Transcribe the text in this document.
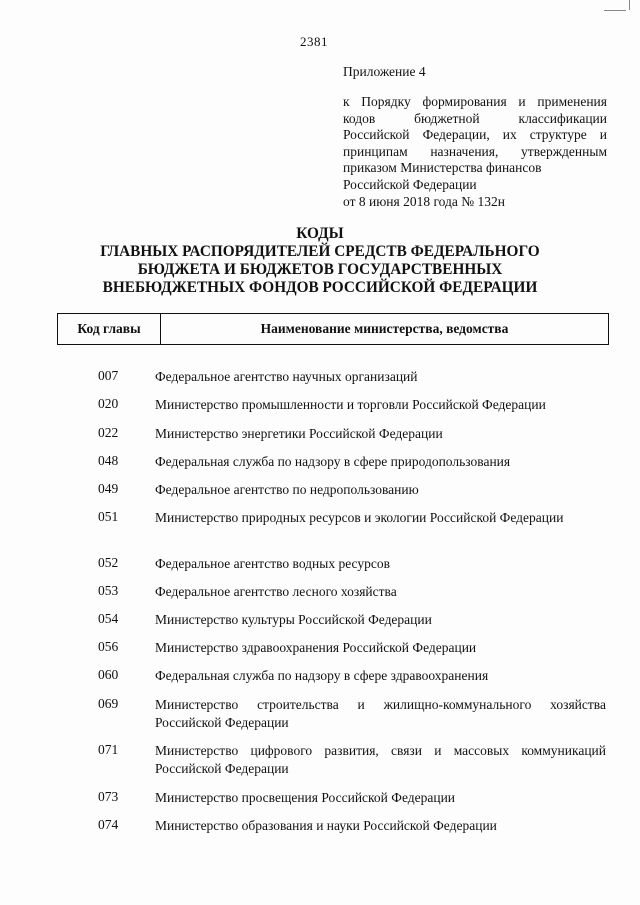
2381
Приложение 4
к Порядку формирования и применения
кодов бюджетной классификации
Российской Федерации, их структуре и
принципам назначения, утвержденным
приказом Министерства финансов
Российской Федерации
от 8 июня 2018 года № 132н
КОДЫ
ГЛАВНЫХ РАСПОРЯДИТЕЛЕЙ СРЕДСТВ ФЕДЕРАЛЬНОГО
БЮДЖЕТА И БЮДЖЕТОВ ГОСУДАРСТВЕННЫХ
ВНЕБЮДЖЕТНЫХ ФОНДОВ РОССИЙСКОЙ ФЕДЕРАЦИИ
Код главы	Наименование министерства, ведомства
007	Федеральное агентство научных организаций
020	Министерство промышленности и торговли Российской Федерации
022	Министерство энергетики Российской Федерации
048	Федеральная служба по надзору в сфере природопользования
049	Федеральное агентство по недропользованию
051	Министерство природных ресурсов и экологии Российской Федерации
052	Федеральное агентство водных ресурсов
053	Федеральное агентство лесного хозяйства
054	Министерство культуры Российской Федерации
056	Министерство здравоохранения Российской Федерации
060	Федеральная служба по надзору в сфере здравоохранения
069	Министерство строительства и жилищно-коммунального хозяйства Российской Федерации
071	Министерство цифрового развития, связи и массовых коммуникаций Российской Федерации
073	Министерство просвещения Российской Федерации
074	Министерство образования и науки Российской Федерации
